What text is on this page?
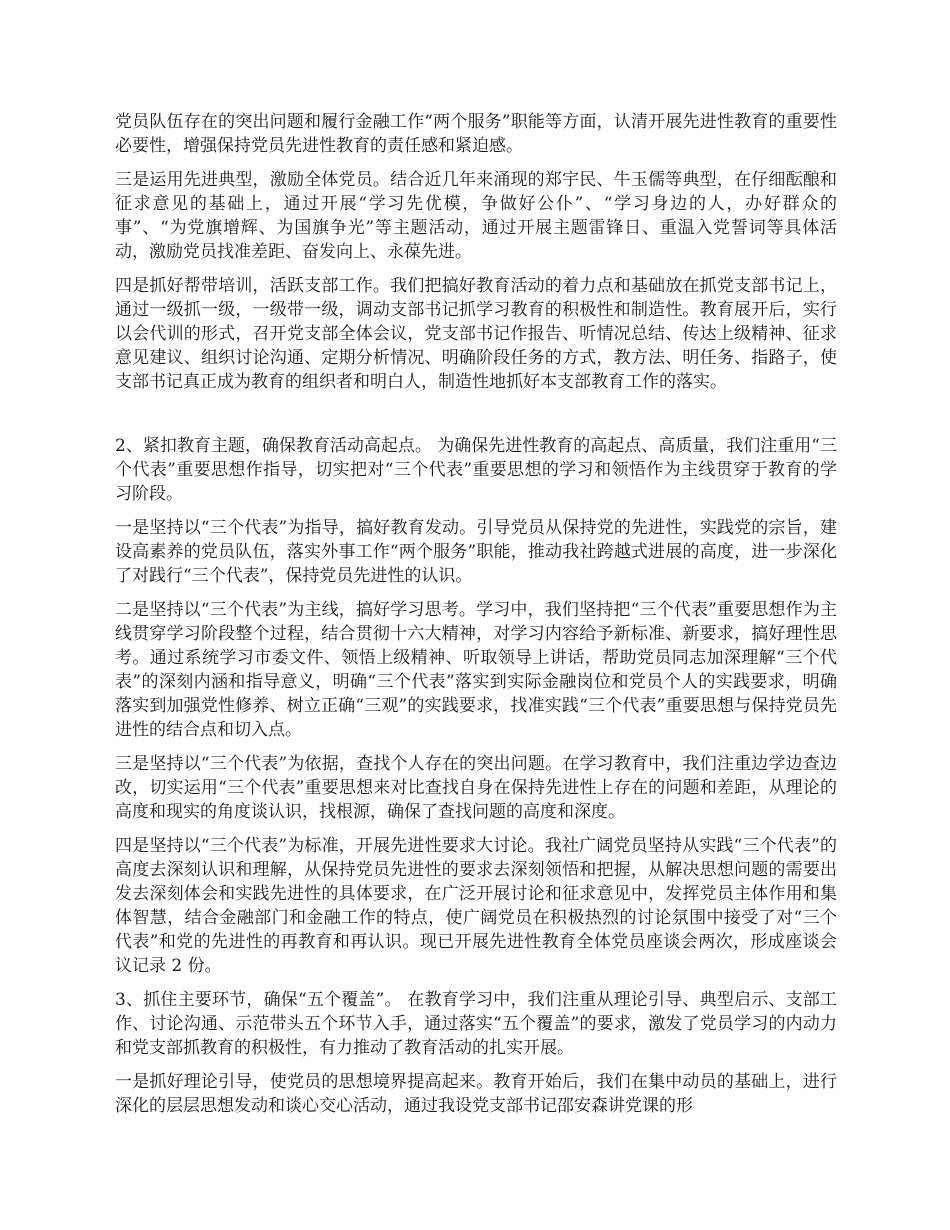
党员队伍存在的突出问题和履行金融工作“两个服务”职能等方面，认清开展先进性教育的重要性必要性，增强保持党员先进性教育的责任感和紧迫感。

三是运用先进典型，激励全体党员。结合近几年来涌现的郑宇民、牛玉儒等典型，在仔细酝酿和征求意见的基础上，通过开展“学习先优模，争做好公仆”、“学习身边的人，办好群众的事”、“为党旗增辉、为国旗争光”等主题活动，通过开展主题雷锋日、重温入党誓词等具体活动，激励党员找准差距、奋发向上、永葆先进。

四是抓好帮带培训，活跃支部工作。我们把搞好教育活动的着力点和基础放在抓党支部书记上，通过一级抓一级，一级带一级，调动支部书记抓学习教育的积极性和制造性。教育展开后，实行以会代训的形式，召开党支部全体会议，党支部书记作报告、听情况总结、传达上级精神、征求意见建议、组织讨论沟通、定期分析情况、明确阶段任务的方式，教方法、明任务、指路子，使支部书记真正成为教育的组织者和明白人，制造性地抓好本支部教育工作的落实。

2、紧扣教育主题，确保教育活动高起点。 为确保先进性教育的高起点、高质量，我们注重用“三个代表”重要思想作指导，切实把对“三个代表”重要思想的学习和领悟作为主线贯穿于教育的学习阶段。

一是坚持以“三个代表”为指导，搞好教育发动。引导党员从保持党的先进性，实践党的宗旨，建设高素养的党员队伍，落实外事工作“两个服务”职能，推动我社跨越式进展的高度，进一步深化了对践行“三个代表”，保持党员先进性的认识。

二是坚持以“三个代表”为主线，搞好学习思考。学习中，我们坚持把“三个代表”重要思想作为主线贯穿学习阶段整个过程，结合贯彻十六大精神，对学习内容给予新标准、新要求，搞好理性思考。通过系统学习市委文件、领悟上级精神、听取领导上讲话，帮助党员同志加深理解“三个代表”的深刻内涵和指导意义，明确“三个代表”落实到实际金融岗位和党员个人的实践要求，明确落实到加强党性修养、树立正确“三观”的实践要求，找准实践“三个代表”重要思想与保持党员先进性的结合点和切入点。

三是坚持以“三个代表”为依据，查找个人存在的突出问题。在学习教育中，我们注重边学边查边改，切实运用“三个代表”重要思想来对比查找自身在保持先进性上存在的问题和差距，从理论的高度和现实的角度谈认识，找根源，确保了查找问题的高度和深度。

四是坚持以“三个代表”为标准，开展先进性要求大讨论。我社广阔党员坚持从实践“三个代表”的高度去深刻认识和理解，从保持党员先进性的要求去深刻领悟和把握，从解决思想问题的需要出发去深刻体会和实践先进性的具体要求，在广泛开展讨论和征求意见中，发挥党员主体作用和集体智慧，结合金融部门和金融工作的特点，使广阔党员在积极热烈的讨论氛围中接受了对“三个代表”和党的先进性的再教育和再认识。现已开展先进性教育全体党员座谈会两次，形成座谈会议记录 2 份。

3、抓住主要环节，确保“五个覆盖”。 在教育学习中，我们注重从理论引导、典型启示、支部工作、讨论沟通、示范带头五个环节入手，通过落实“五个覆盖”的要求，激发了党员学习的内动力和党支部抓教育的积极性，有力推动了教育活动的扎实开展。

一是抓好理论引导，使党员的思想境界提高起来。教育开始后，我们在集中动员的基础上，进行深化的层层思想发动和谈心交心活动，通过我设党支部书记邵安森讲党课的形
